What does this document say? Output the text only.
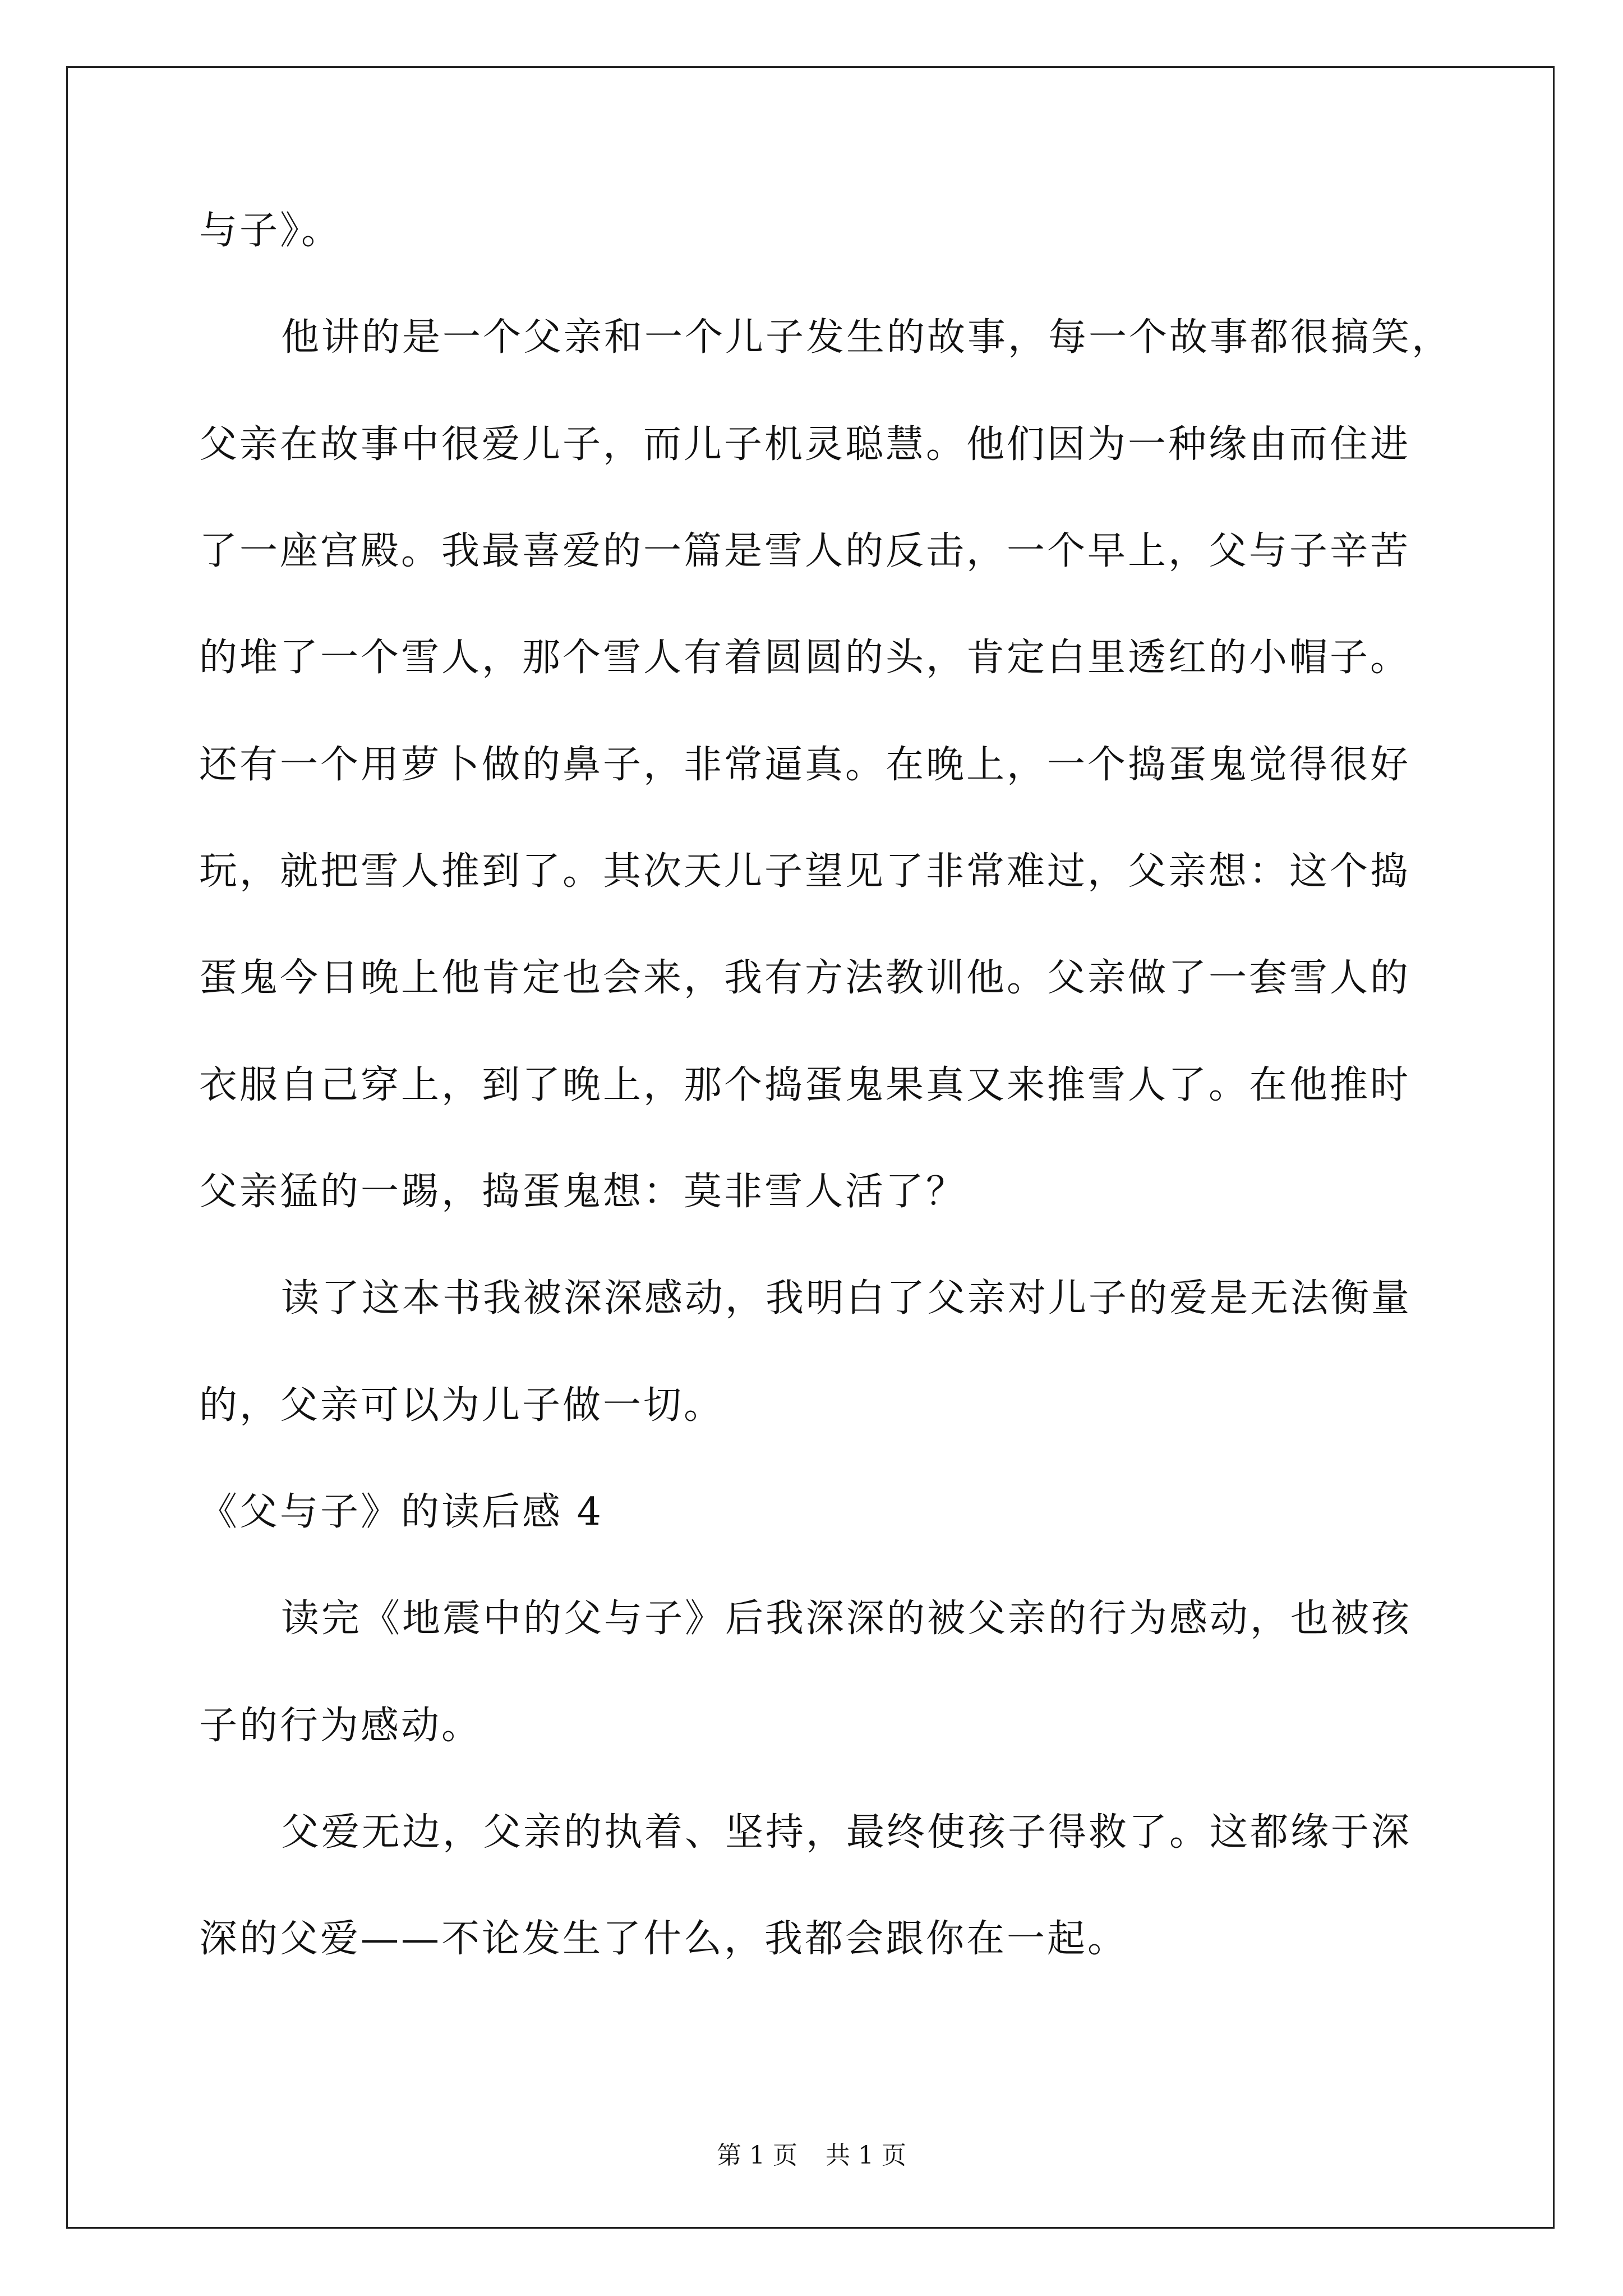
与子》。
他讲的是一个父亲和一个儿子发生的故事，每一个故事都很搞笑，
父亲在故事中很爱儿子，而儿子机灵聪慧。他们因为一种缘由而住进
了一座宫殿。我最喜爱的一篇是雪人的反击，一个早上，父与子辛苦
的堆了一个雪人，那个雪人有着圆圆的头，肯定白里透红的小帽子。
还有一个用萝卜做的鼻子，非常逼真。在晚上，一个捣蛋鬼觉得很好
玩，就把雪人推到了。其次天儿子望见了非常难过，父亲想：这个捣
蛋鬼今日晚上他肯定也会来，我有方法教训他。父亲做了一套雪人的
衣服自己穿上，到了晚上，那个捣蛋鬼果真又来推雪人了。在他推时
父亲猛的一踢，捣蛋鬼想：莫非雪人活了？
读了这本书我被深深感动，我明白了父亲对儿子的爱是无法衡量
的，父亲可以为儿子做一切。
《父与子》的读后感 4
读完《地震中的父与子》后我深深的被父亲的行为感动，也被孩
子的行为感动。
父爱无边，父亲的执着、坚持，最终使孩子得救了。这都缘于深
深的父爱——不论发生了什么，我都会跟你在一起。
第 1 页 共 1 页
